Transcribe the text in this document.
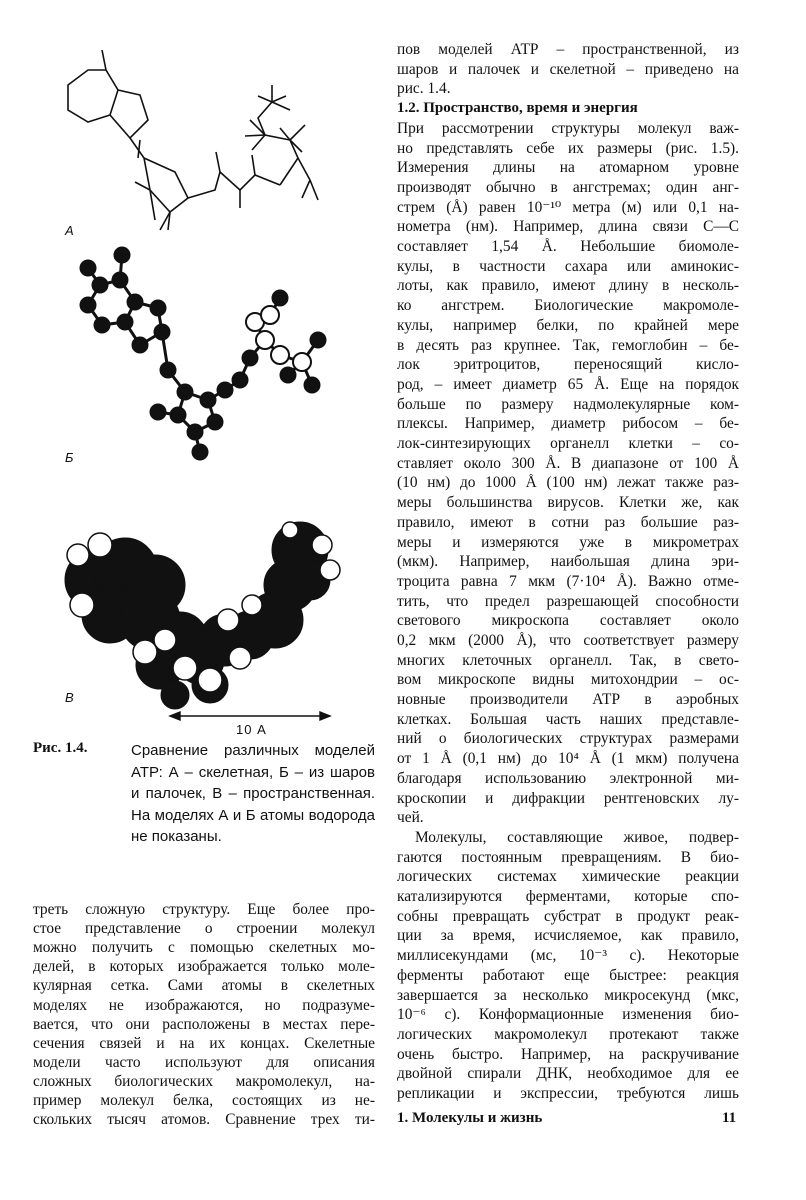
А
Б
В
10 А
Рис. 1.4.	Сравнение различных моделей АТР: А – скелетная, Б – из шаров и палочек, В – пространственная. На моделях А и Б атомы водорода не показаны.
треть сложную структуру. Еще более про-
стое представление о строении молекул
можно получить с помощью скелетных мо-
делей, в которых изображается только моле-
кулярная сетка. Сами атомы в скелетных
моделях не изображаются, но подразуме-
вается, что они расположены в местах пере-
сечения связей и на их концах. Скелетные
модели часто используют для описания
сложных биологических макромолекул, на-
пример молекул белка, состоящих из не-
скольких тысяч атомов. Сравнение трех ти-
пов моделей АТР – пространственной, из
шаров и палочек и скелетной – приведено на
рис. 1.4.
1.2. Пространство, время и энергия
При рассмотрении структуры молекул важ-
но представлять себе их размеры (рис. 1.5).
Измерения длины на атомарном уровне
производят обычно в ангстремах; один анг-
стрем (Å) равен 10⁻¹⁰ метра (м) или 0,1 на-
нометра (нм). Например, длина связи С—С
составляет 1,54 Å. Небольшие биомоле-
кулы, в частности сахара или аминокис-
лоты, как правило, имеют длину в несколь-
ко ангстрем. Биологические макромоле-
кулы, например белки, по крайней мере
в десять раз крупнее. Так, гемоглобин – бе-
лок эритроцитов, переносящий кисло-
род, – имеет диаметр 65 Å. Еще на порядок
больше по размеру надмолекулярные ком-
плексы. Например, диаметр рибосом – бе-
лок-синтезирующих органелл клетки – со-
ставляет около 300 Å. В диапазоне от 100 Å
(10 нм) до 1000 Å (100 нм) лежат также раз-
меры большинства вирусов. Клетки же, как
правило, имеют в сотни раз большие раз-
меры и измеряются уже в микрометрах
(мкм). Например, наибольшая длина эри-
троцита равна 7 мкм (7·10⁴ Å). Важно отме-
тить, что предел разрешающей способности
светового микроскопа составляет около
0,2 мкм (2000 Å), что соответствует размеру
многих клеточных органелл. Так, в свето-
вом микроскопе видны митохондрии – ос-
новные производители АТР в аэробных
клетках. Большая часть наших представле-
ний о биологических структурах размерами
от 1 Å (0,1 нм) до 10⁴ Å (1 мкм) получена
благодаря использованию электронной ми-
кроскопии и дифракции рентгеновских лу-
чей.
Молекулы, составляющие живое, подвер-
гаются постоянным превращениям. В био-
логических системах химические реакции
катализируются ферментами, которые спо-
собны превращать субстрат в продукт реак-
ции за время, исчисляемое, как правило,
миллисекундами (мс, 10⁻³ с). Некоторые
ферменты работают еще быстрее: реакция
завершается за несколько микросекунд (мкс,
10⁻⁶ с). Конформационные изменения био-
логических макромолекул протекают также
очень быстро. Например, на раскручивание
двойной спирали ДНК, необходимое для ее
репликации и экспрессии, требуются лишь
1. Молекулы и жизнь	11
